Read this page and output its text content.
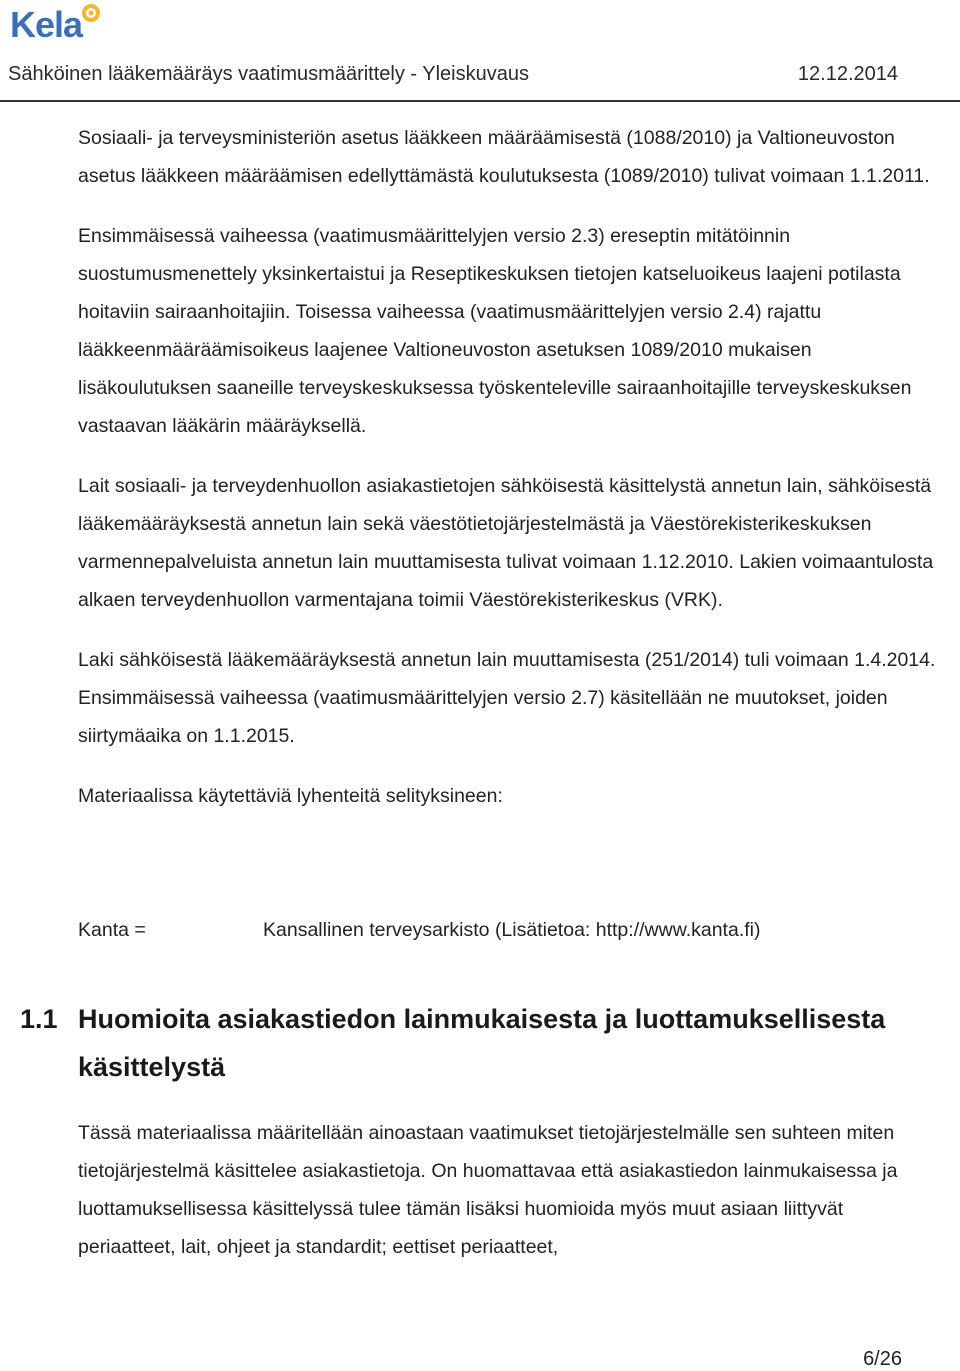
Kela
Sähköinen lääkemääräys vaatimusmäärittely - Yleiskuvaus	12.12.2014

Sosiaali- ja terveysministeriön asetus lääkkeen määräämisestä (1088/2010) ja Valtioneuvoston asetus lääkkeen määräämisen edellyttämästä koulutuksesta (1089/2010) tulivat voimaan 1.1.2011.

Ensimmäisessä vaiheessa (vaatimusmäärittelyjen versio 2.3) ereseptin mitätöinnin suostumusmenettely yksinkertaistui ja Reseptikeskuksen tietojen katseluoikeus laajeni potilasta hoitaviin sairaanhoitajiin. Toisessa vaiheessa (vaatimusmäärittelyjen versio 2.4) rajattu lääkkeenmääräämisoikeus laajenee Valtioneuvoston asetuksen 1089/2010 mukaisen lisäkoulutuksen saaneille terveyskeskuksessa työskenteleville sairaanhoitajille terveyskeskuksen vastaavan lääkärin määräyksellä.

Lait sosiaali- ja terveydenhuollon asiakastietojen sähköisestä käsittelystä annetun lain, sähköisestä lääkemääräyksestä annetun lain sekä väestötietojärjestelmästä ja Väestörekisterikeskuksen varmennepalveluista annetun lain muuttamisesta tulivat voimaan 1.12.2010. Lakien voimaantulosta alkaen terveydenhuollon varmentajana toimii Väestörekisterikeskus (VRK).

Laki sähköisestä lääkemääräyksestä annetun lain muuttamisesta (251/2014) tuli voimaan 1.4.2014. Ensimmäisessä vaiheessa (vaatimusmäärittelyjen versio 2.7) käsitellään ne muutokset, joiden siirtymäaika on 1.1.2015.

Materiaalissa käytettäviä lyhenteitä selityksineen:

Kanta =	Kansallinen terveysarkisto (Lisätietoa: http://www.kanta.fi)
1.1 Huomioita asiakastiedon lainmukaisesta ja luottamuksellisesta käsittelystä

Tässä materiaalissa määritellään ainoastaan vaatimukset tietojärjestelmälle sen suhteen miten tietojärjestelmä käsittelee asiakastietoja. On huomattavaa että asiakastiedon lainmukaisessa ja luottamuksellisessa käsittelyssä tulee tämän lisäksi huomioida myös muut asiaan liittyvät periaatteet, lait, ohjeet ja standardit; eettiset periaatteet,

6/26
